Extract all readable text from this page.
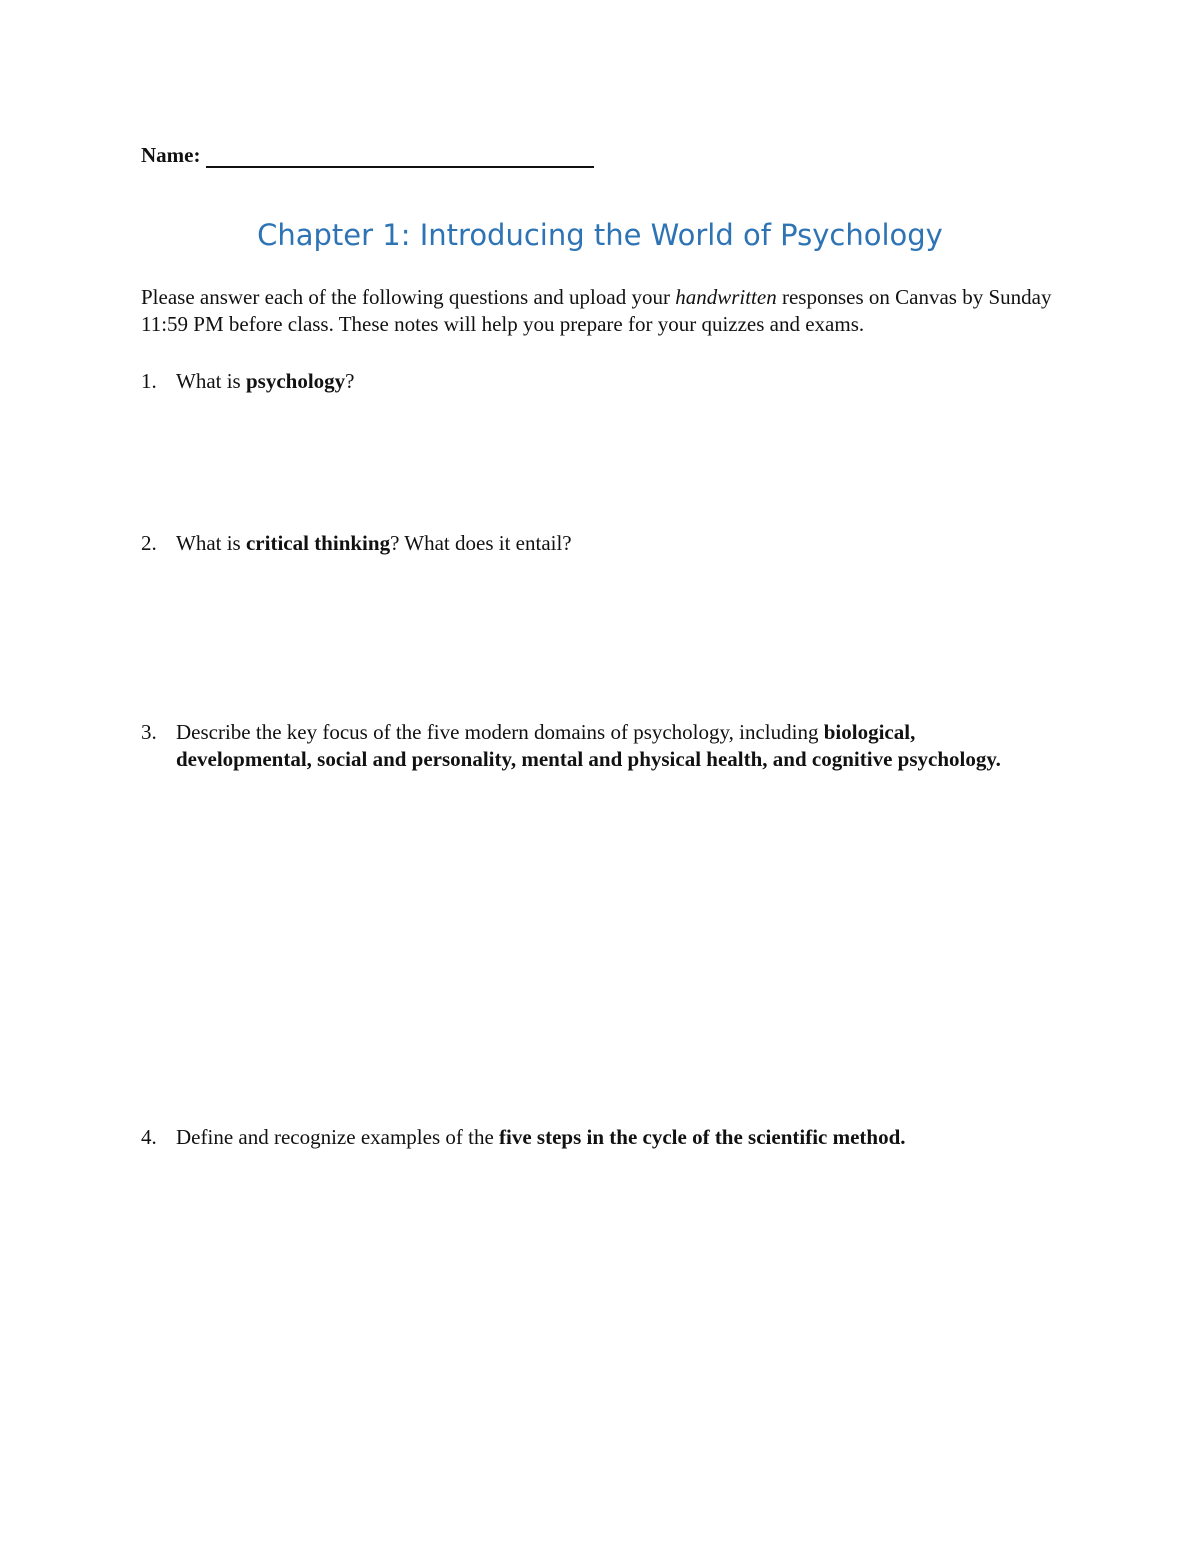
Name:
Chapter 1: Introducing the World of Psychology
Please answer each of the following questions and upload your handwritten responses on Canvas by Sunday 11:59 PM before class. These notes will help you prepare for your quizzes and exams.
1. What is psychology?
2. What is critical thinking? What does it entail?
3. Describe the key focus of the five modern domains of psychology, including biological, developmental, social and personality, mental and physical health, and cognitive psychology.
4. Define and recognize examples of the five steps in the cycle of the scientific method.
